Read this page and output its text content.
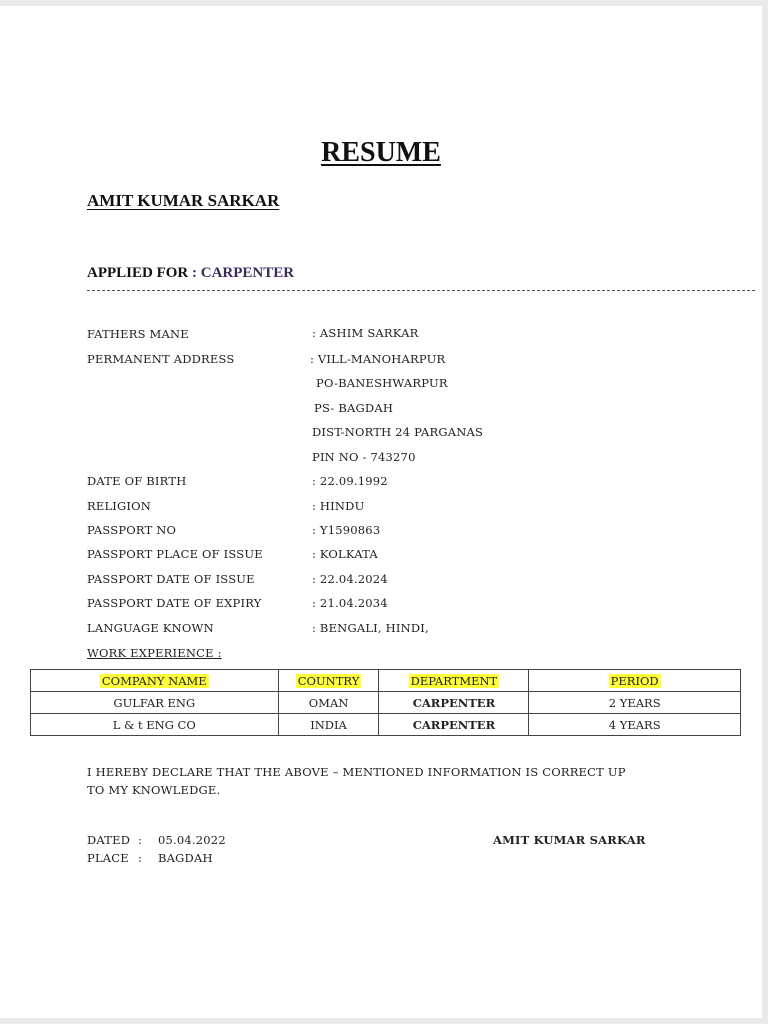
RESUME
AMIT KUMAR SARKAR
APPLIED FOR : CARPENTER
FATHERS MANE	: ASHIM SARKAR
PERMANENT ADDRESS	: VILL-MANOHARPUR
PO-BANESHWARPUR
PS- BAGDAH
DIST-NORTH 24 PARGANAS
PIN NO - 743270
DATE OF BIRTH	: 22.09.1992
RELIGION	: HINDU
PASSPORT NO	: Y1590863
PASSPORT PLACE OF ISSUE	: KOLKATA
PASSPORT DATE OF ISSUE	: 22.04.2024
PASSPORT DATE OF EXPIRY	: 21.04.2034
LANGUAGE KNOWN	: BENGALI, HINDI,
WORK EXPERIENCE :
COMPANY NAME	COUNTRY	DEPARTMENT	PERIOD
GULFAR ENG	OMAN	CARPENTER	2 YEARS
L & t ENG CO	INDIA	CARPENTER	4 YEARS
I HEREBY DECLARE THAT THE ABOVE – MENTIONED INFORMATION IS CORRECT UP TO MY KNOWLEDGE.
DATED : 05.04.2022
PLACE : BAGDAH
AMIT KUMAR SARKAR
